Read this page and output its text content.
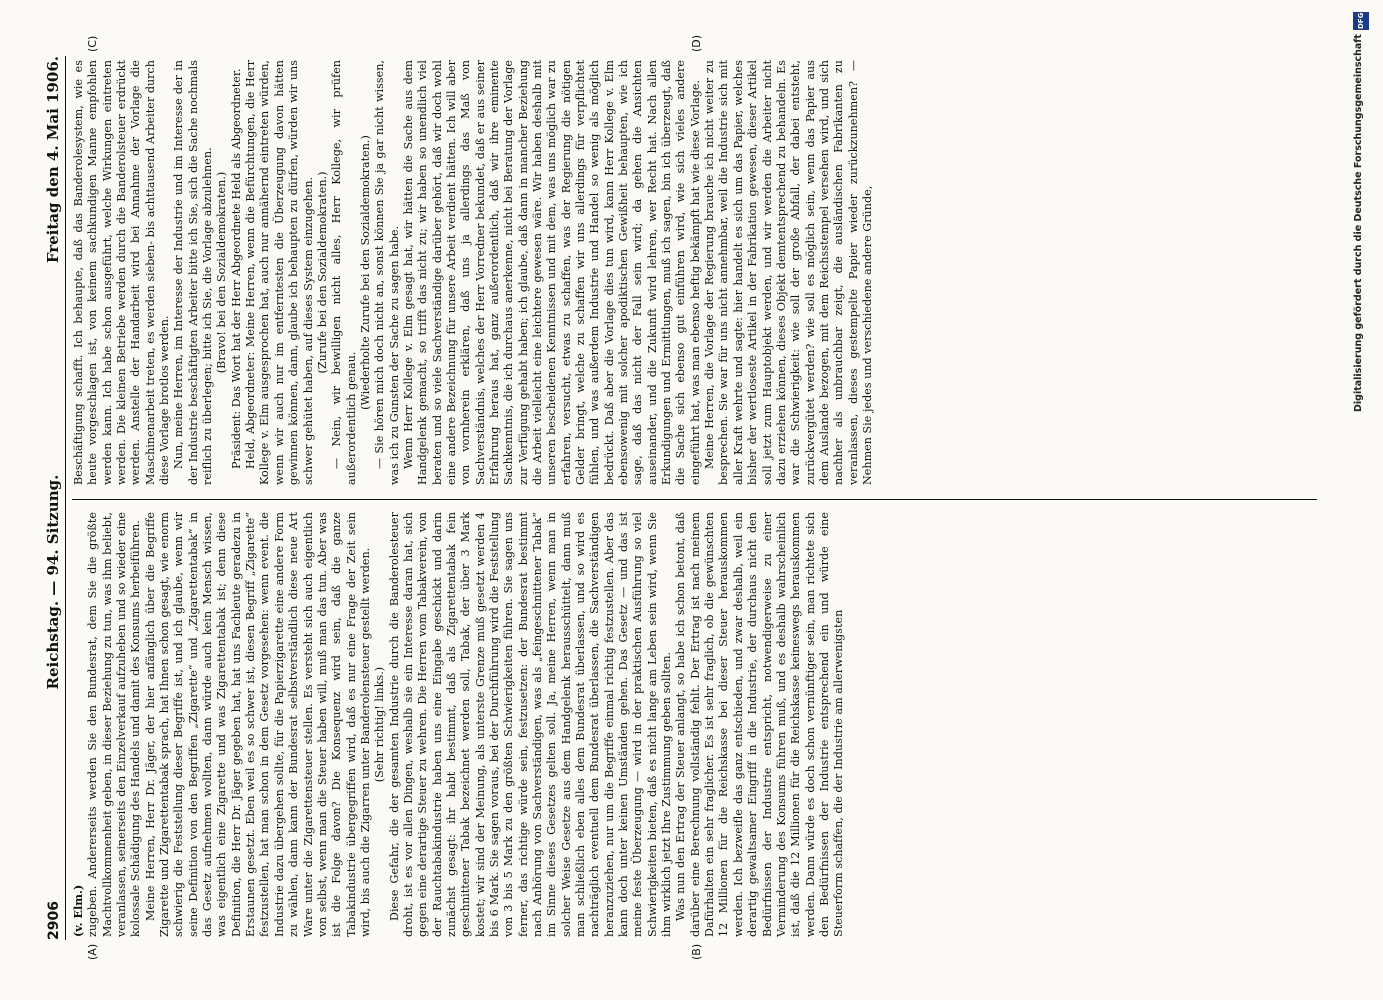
2906
Reichstag. — 94. Sitzung.
Freitag den 4. Mai 1906.
(A)	(B)
(C)	(D)

(v. Elm.) zugeben. Andererseits werden Sie den Bundesrat, dem Sie die größte Machtvollkommenheit geben, in dieser Beziehung zu tun, was ihm beliebt, veranlassen, seinerseits den Einzelverkauf aufzuheben und so wieder eine kolossale Schädigung des Handels und damit des Konsums herbeiführen. Meine Herren, Herr Dr. Jäger, der hier anfänglich über die Begriffe Zigarette und Zigarettentabak sprach, hat Ihnen schon gesagt, wie enorm schwierig die Feststellung dieser Begriffe ist, und ich glaube, wenn wir seine Definition von den Begriffen „Zigarette“ und „Zigarettentabak“ in das Gesetz aufnehmen wollten, dann würde auch kein Mensch wissen, was eigentlich eine Zigarette und was Zigarettentabak ist; denn diese Definition, die Herr Dr. Jäger gegeben hat, hat uns Fachleute geradezu in Erstaunen gesetzt. Eben weil es so schwer ist, diesen Begriff „Zigarette“ festzustellen, hat man schon in dem Gesetz vorgesehen: wenn event. die Industrie dazu übergehen sollte, für die Papierzigarette eine andere Form zu wählen, dann kann der Bundesrat selbstverständlich diese neue Art Ware unter die Zigarettensteuer stellen. Es versteht sich auch eigentlich von selbst, wenn man die Steuer haben will, muß man das tun. Aber was ist die Folge davon? Die Konsequenz wird sein, daß die ganze Tabakindustrie übergegriffen wird, daß es nur eine Frage der Zeit sein wird, bis auch die Zigarren unter Banderolensteuer gestellt werden. (Sehr richtig! links.) Diese Gefahr, die der gesamten Industrie durch die Banderolesteuer droht, ist es vor allen Dingen, weshalb sie ein Interesse daran hat, sich gegen eine derartige Steuer zu wehren. Die Herren vom Tabakverein, von der Rauchtabakindustrie haben uns eine Eingabe geschickt und darin zunächst gesagt: ihr habt bestimmt, daß als Zigarettentabak fein geschnittener Tabak bezeichnet werden soll, Tabak, der über 3 Mark kostet; wir sind der Meinung, als unterste Grenze muß gesetzt werden 4 bis 6 Mark. Sie sagen voraus, bei der Durchführung wird die Feststellung von 3 bis 5 Mark zu den größten Schwierigkeiten führen. Sie sagen uns ferner, das richtige würde sein, festzusetzen: der Bundesrat bestimmt nach Anhörung von Sachverständigen, was als „feingeschnittener Tabak“ im Sinne dieses Gesetzes gelten soll. Ja, meine Herren, wenn man in solcher Weise Gesetze aus dem Handgelenk herausschüttelt, dann muß man schließlich eben alles dem Bundesrat überlassen, und so wird es nachträglich eventuell dem Bundesrat überlassen, die Sachverständigen heranzuziehen, nur um die Begriffe einmal richtig festzustellen. Aber das kann doch unter keinen Umständen gehen. Das Gesetz — und das ist meine feste Überzeugung — wird in der praktischen Ausführung so viel Schwierigkeiten bieten, daß es nicht lange am Leben sein wird, wenn Sie ihm wirklich jetzt Ihre Zustimmung geben sollten. Was nun den Ertrag der Steuer anlangt, so habe ich schon betont, daß darüber eine Berechnung vollständig fehlt. Der Ertrag ist nach meinem Dafürhalten ein sehr fraglicher. Es ist sehr fraglich, ob die gewünschten 12 Millionen für die Reichskasse bei dieser Steuer herauskommen werden. Ich bezweifle das ganz entschieden, und zwar deshalb, weil ein derartig gewaltsamer Eingriff in die Industrie, der durchaus nicht den Bedürfnissen der Industrie entspricht, notwendigerweise zu einer Verminderung des Konsums führen muß, und es deshalb wahrscheinlich ist, daß die 12 Millionen für die Reichskasse keineswegs herauskommen werden. Dann würde es doch schon vernünftiger sein, man richtete sich den Bedürfnissen der Industrie entsprechend ein und würde eine Steuerform schaffen, die der Industrie am allerwenigsten

Beschäftigung schafft. Ich behaupte, daß das Banderolesystem, wie es heute vorgeschlagen ist, von keinem sachkundigen Manne empfohlen werden kann. Ich habe schon ausgeführt, welche Wirkungen eintreten werden. Die kleinen Betriebe werden durch die Banderolsteuer erdrückt werden. Anstelle der Handarbeit wird bei Annahme der Vorlage die Maschinenarbeit treten, es werden sieben- bis achttausend Arbeiter durch diese Vorlage brotlos werden. Nun, meine Herren, im Interesse der Industrie und im Interesse der in der Industrie beschäftigten Arbeiter bitte ich Sie, sich die Sache nochmals reiflich zu überlegen; bitte ich Sie, die Vorlage abzulehnen. (Bravo! bei den Sozialdemokraten.) Präsident: Das Wort hat der Herr Abgeordnete Held als Abgeordneter. Held, Abgeordneter: Meine Herren, wenn die Befürchtungen, die Herr Kollege v. Elm ausgesprochen hat, auch nur annähernd eintreten würden, wenn wir auch nur im entferntesten die Überzeugung davon hätten gewinnen können, dann, glaube ich behaupten zu dürfen, würden wir uns schwer gehütet haben, auf dieses System einzugehen. (Zurufe bei den Sozialdemokraten.) — Nein, wir bewilligen nicht alles, Herr Kollege, wir prüfen außerordentlich genau.

(Wiederholte Zurufe bei den Sozialdemokraten.) — Sie hören mich doch nicht an, sonst können Sie ja gar nicht wissen, was ich zu Gunsten der Sache zu sagen habe. Wenn Herr Kollege v. Elm gesagt hat, wir hätten die Sache aus dem Handgelenk gemacht, so trifft das nicht zu; wir haben so unendlich viel beraten und so viele Sachverständige darüber gehört, daß wir doch wohl eine andere Bezeichnung für unsere Arbeit verdient hätten. Ich will aber von vornherein erklären, daß uns ja allerdings das Maß von Sachverständnis, welches der Herr Vorredner bekundet, daß er aus seiner Erfahrung heraus hat, ganz außerordentlich, daß wir ihre eminente Sachkenntnis, die ich durchaus anerkenne, nicht bei Beratung der Vorlage zur Verfügung gehabt haben; ich glaube, daß dann in mancher Beziehung die Arbeit vielleicht eine leichtere gewesen wäre. Wir haben deshalb mit unseren bescheidenen Kenntnissen und mit dem, was uns möglich war zu erfahren, versucht, etwas zu schaffen, was der Regierung die nötigen Gelder bringt, welche zu schaffen wir uns allerdings für verpflichtet fühlen, und was außerdem Industrie und Handel so wenig als möglich bedrückt. Daß aber die Vorlage dies tun wird, kann Herr Kollege v. Elm ebensowenig mit solcher apodiktischen Gewißheit behaupten, wie ich sage, daß das nicht der Fall sein wird; da gehen die Ansichten auseinander, und die Zukunft wird lehren, wer Recht hat. Nach allen Erkundigungen und Ermittlungen, muß ich sagen, bin ich überzeugt, daß die Sache sich ebenso gut einführen wird, wie sich vieles andere eingeführt hat, was man ebenso heftig bekämpft hat wie diese Vorlage. Meine Herren, die Vorlage der Regierung brauche ich nicht weiter zu besprechen. Sie war für uns nicht annehmbar, weil die Industrie sich mit aller Kraft wehrte und sagte: hier handelt es sich um das Papier, welches bisher der wertloseste Artikel in der Fabrikation gewesen, dieser Artikel soll jetzt zum Hauptobjekt werden, und wir werden die Arbeiter nicht dazu erziehen können, dieses Objekt demtentsprechend zu behandeln. Es war die Schwierigkeit: wie soll der große Abfall, der dabei entsteht, zurückvergütet werden? wie soll es möglich sein, wenn das Papier aus dem Auslande bezogen, mit dem Reichsstempel versehen wird, und sich nachher als unbrauchbar zeigt, die ausländischen Fabrikanten zu veranlassen, dieses gestempelte Papier wieder zurückzunehmen? — Nehmen Sie jedes und verschiedene andere Gründe,

DFG
Digitalisierung gefördert durch die Deutsche Forschungsgemeinschaft
